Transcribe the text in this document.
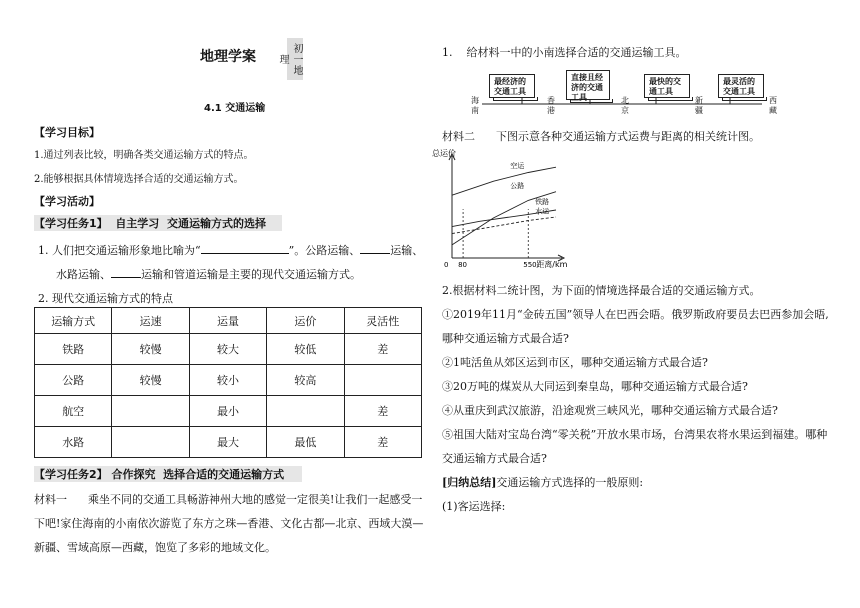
地理学案	初一地理
4.1 交通运输
【学习目标】
1.通过列表比较，明确各类交通运输方式的特点。
2.能够根据具体情境选择合适的交通运输方式。
【学习活动】
【学习任务1】  自主学习  交通运输方式的选择
1. 人们把交通运输形象地比喻为“	”。公路运输、	运输、
水路运输、	运输和管道运输是主要的现代交通运输方式。
2. 现代交通运输方式的特点
运输方式	运速	运量	运价	灵活性
铁路	较慢	较大	较低	差
公路	较慢	较小	较高	
航空		最小		差
水路		最大	最低	差
【学习任务2】 合作探究  选择合适的交通运输方式
材料一      乘坐不同的交通工具畅游神州大地的感觉一定很美!让我们一起感受一
下吧!家住海南的小南依次游览了东方之珠—香港、文化古都—北京、西域大漠—
新疆、雪域高原—西藏，饱览了多彩的地域文化。
1.    给材料一中的小南选择合适的交通运输工具。
最经济的交通工具
直接且经济的交通工具
最快的交通工具
最灵活的交通工具
海南
香港
北京
新疆
西藏
材料二      下图示意各种交通运输方式运费与距离的相关统计图。
总运价
距离/km
0 80	550
空运
公路
铁路
水运
2.根据材料二统计图，为下面的情境选择最合适的交通运输方式。
①2019年11月“金砖五国”领导人在巴西会晤。俄罗斯政府要员去巴西参加会晤,
哪种交通运输方式最合适?
②1吨活鱼从郊区运到市区，哪种交通运输方式最合适?
③20万吨的煤炭从大同运到秦皇岛，哪种交通运输方式最合适?
④从重庆到武汉旅游，沿途观赏三峡风光，哪种交通运输方式最合适?
⑤祖国大陆对宝岛台湾“零关税”开放水果市场，台湾果农将水果运到福建。哪种
交通运输方式最合适?
[归纳总结]交通运输方式选择的一般原则:
(1)客运选择:
